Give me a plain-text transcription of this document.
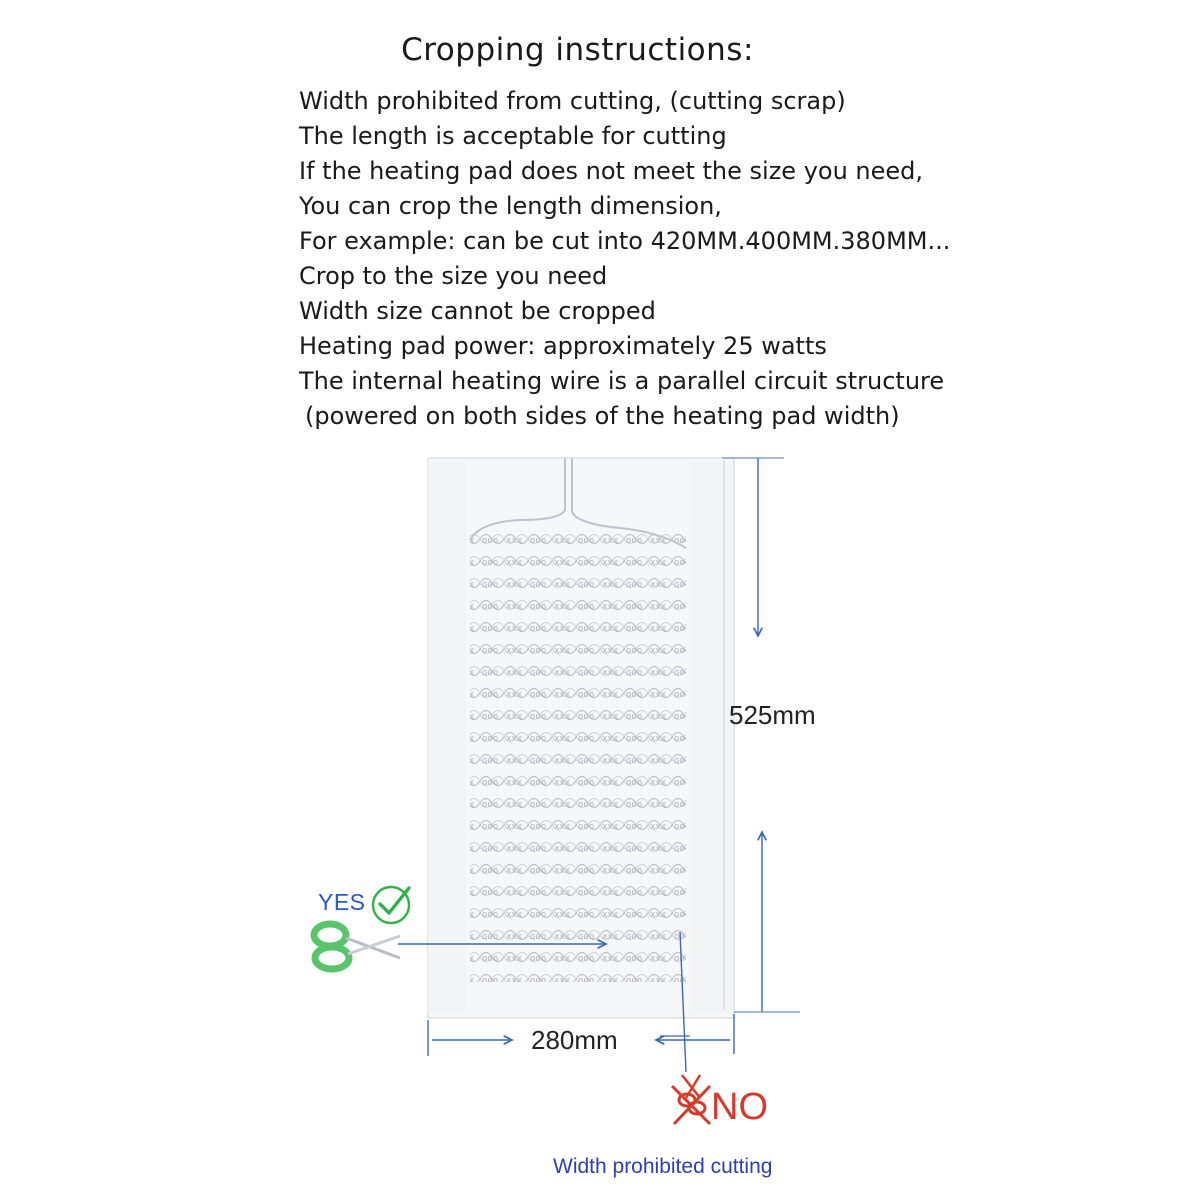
Cropping instructions:
Width prohibited from cutting, (cutting scrap)
The length is acceptable for cutting
If the heating pad does not meet the size you need,
You can crop the length dimension,
For example: can be cut into 420MM.400MM.380MM...
Crop to the size you need
Width size cannot be cropped
Heating pad power: approximately 25 watts
The internal heating wire is a parallel circuit structure
(powered on both sides of the heating pad width)
525mm
280mm
YES
NO
Width prohibited cutting
